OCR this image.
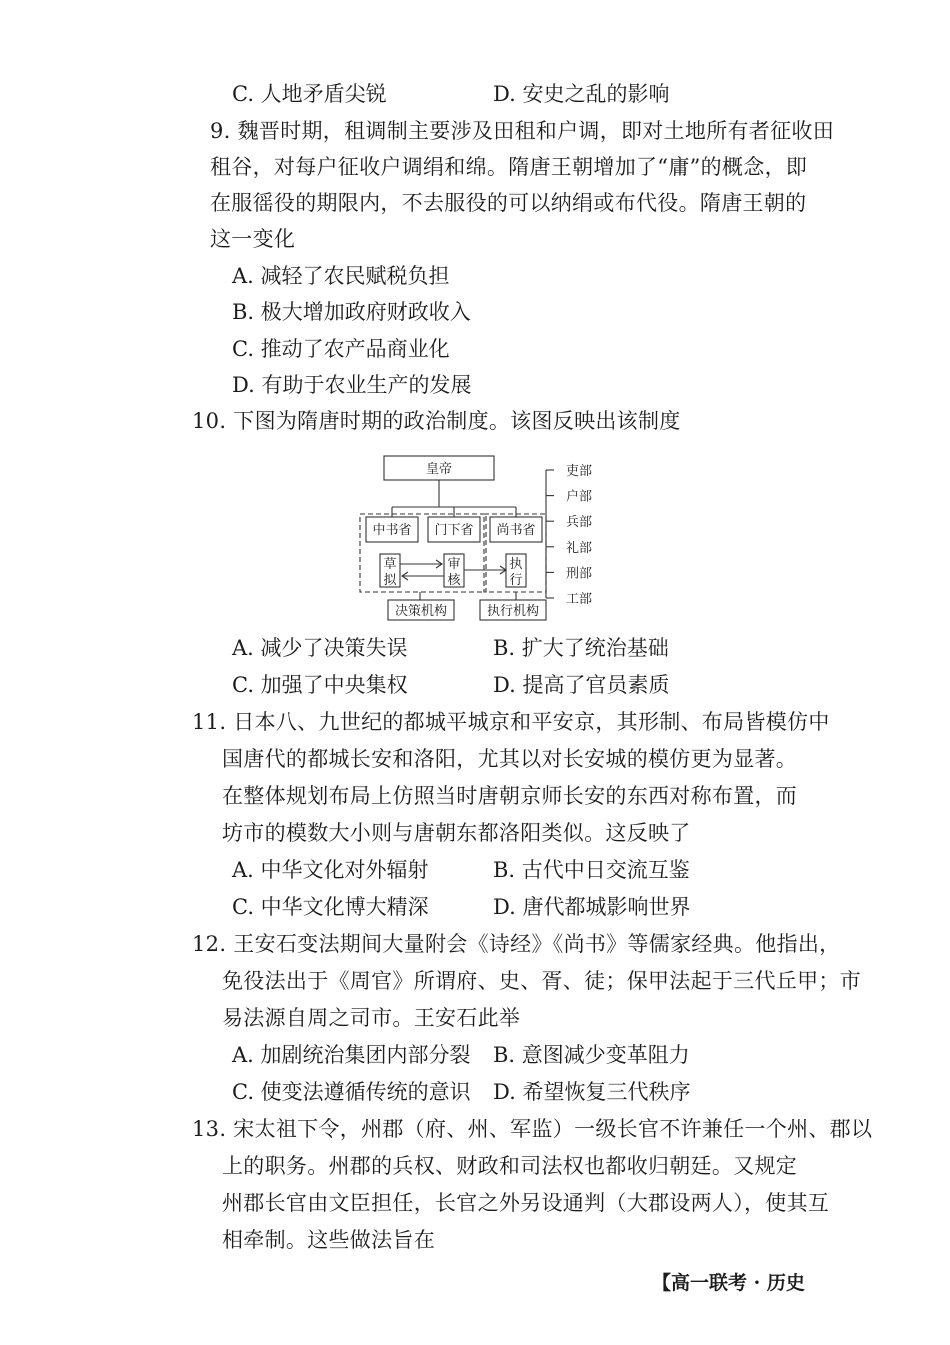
C. 人地矛盾尖锐	D. 安史之乱的影响
9. 魏晋时期，租调制主要涉及田租和户调，即对土地所有者征收田
租谷，对每户征收户调绢和绵。隋唐王朝增加了“庸”的概念，即
在服徭役的期限内，不去服役的可以纳绢或布代役。隋唐王朝的
这一变化
A. 减轻了农民赋税负担
B. 极大增加政府财政收入
C. 推动了农产品商业化
D. 有助于农业生产的发展
10. 下图为隋唐时期的政治制度。该图反映出该制度
皇帝
中书省 门下省 尚书省
草
拟
审
核
执
行
决策机构	执行机构
吏部
户部
兵部
礼部
刑部
工部
A. 减少了决策失误	B. 扩大了统治基础
C. 加强了中央集权	D. 提高了官员素质
11. 日本八、九世纪的都城平城京和平安京，其形制、布局皆模仿中
国唐代的都城长安和洛阳，尤其以对长安城的模仿更为显著。
在整体规划布局上仿照当时唐朝京师长安的东西对称布置，而
坊市的模数大小则与唐朝东都洛阳类似。这反映了
A. 中华文化对外辐射	B. 古代中日交流互鉴
C. 中华文化博大精深	D. 唐代都城影响世界
12. 王安石变法期间大量附会《诗经》《尚书》等儒家经典。他指出，
免役法出于《周官》所谓府、史、胥、徒；保甲法起于三代丘甲；市
易法源自周之司市。王安石此举
A. 加剧统治集团内部分裂 B. 意图减少变革阻力
C. 使变法遵循传统的意识 D. 希望恢复三代秩序
13. 宋太祖下令，州郡（府、州、军监）一级长官不许兼任一个州、郡以
上的职务。州郡的兵权、财政和司法权也都收归朝廷。又规定
州郡长官由文臣担任，长官之外另设通判（大郡设两人），使其互
相牵制。这些做法旨在
【高一联考 · 历史
